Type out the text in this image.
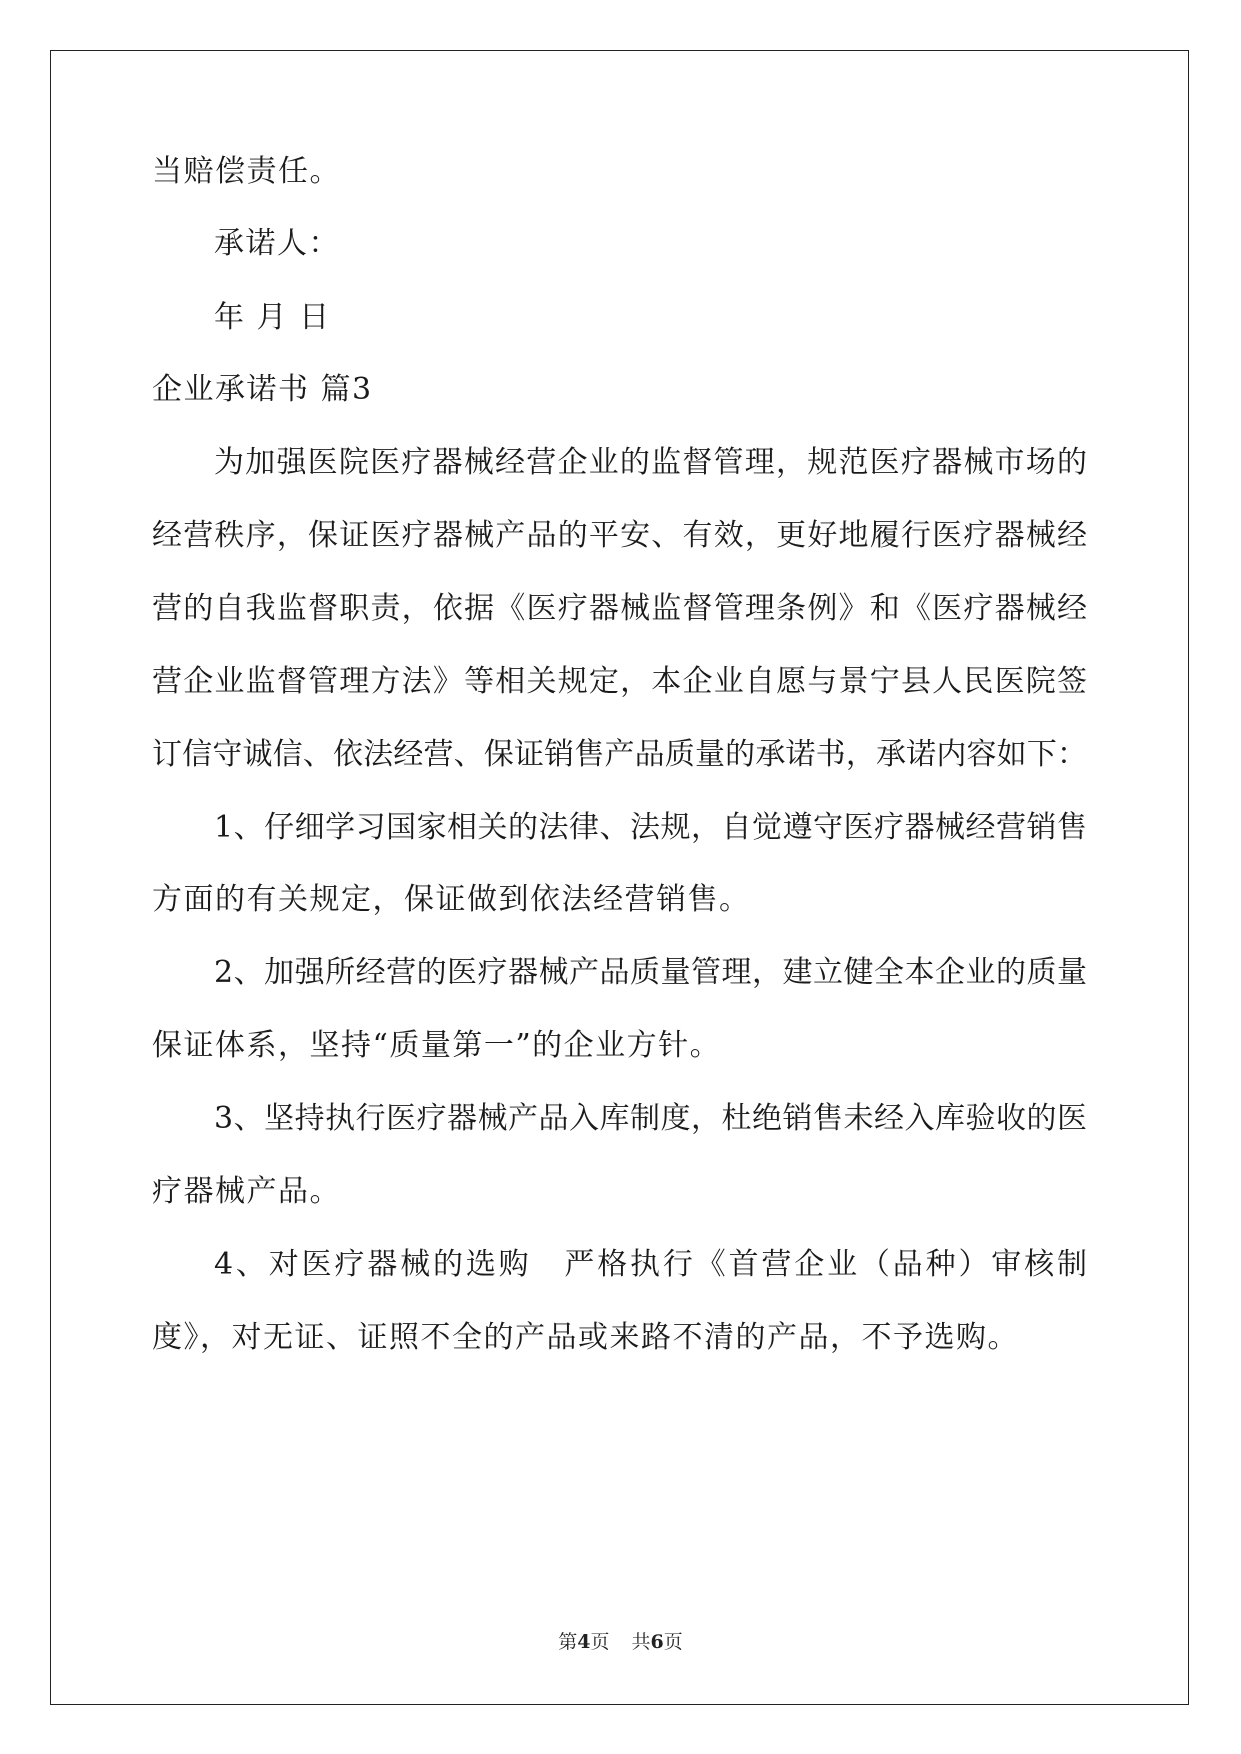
当赔偿责任。

承诺人：

年 月 日

企业承诺书 篇3

为加强医院医疗器械经营企业的监督管理，规范医疗器械市场的

经营秩序，保证医疗器械产品的平安、有效，更好地履行医疗器械经

营的自我监督职责，依据《医疗器械监督管理条例》和《医疗器械经

营企业监督管理方法》等相关规定，本企业自愿与景宁县人民医院签

订信守诚信、依法经营、保证销售产品质量的承诺书，承诺内容如下：

1、仔细学习国家相关的法律、法规，自觉遵守医疗器械经营销售

方面的有关规定，保证做到依法经营销售。

2、加强所经营的医疗器械产品质量管理，建立健全本企业的质量

保证体系，坚持“质量第一”的企业方针。

3、坚持执行医疗器械产品入库制度，杜绝销售未经入库验收的医

疗器械产品。

4、对医疗器械的选购　严格执行《首营企业（品种）审核制

度》，对无证、证照不全的产品或来路不清的产品，不予选购。

第4页 共6页
